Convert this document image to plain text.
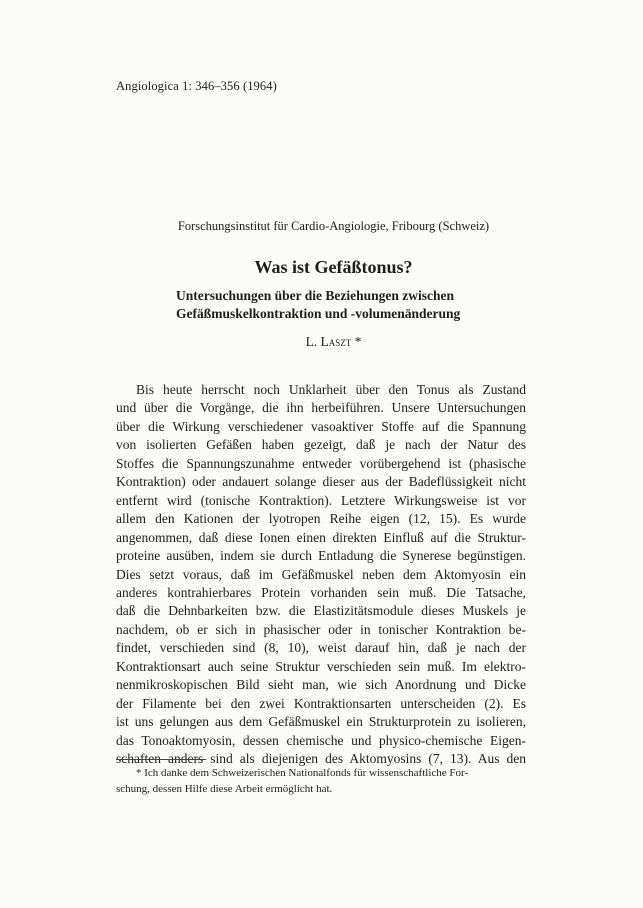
Angiologica 1: 346–356 (1964)
Forschungsinstitut für Cardio-Angiologie, Fribourg (Schweiz)
Was ist Gefäßtonus?
Untersuchungen über die Beziehungen zwischen
Gefäßmuskelkontraktion und -volumenänderung
L. Laszt *
Bis heute herrscht noch Unklarheit über den Tonus als Zustand
und über die Vorgänge, die ihn herbeiführen. Unsere Untersuchungen
über die Wirkung verschiedener vasoaktiver Stoffe auf die Spannung
von isolierten Gefäßen haben gezeigt, daß je nach der Natur des
Stoffes die Spannungszunahme entweder vorübergehend ist (phasische
Kontraktion) oder andauert solange dieser aus der Badeflüssigkeit nicht
entfernt wird (tonische Kontraktion). Letztere Wirkungsweise ist vor
allem den Kationen der lyotropen Reihe eigen (12, 15). Es wurde
angenommen, daß diese Ionen einen direkten Einfluß auf die Struktur-
proteine ausüben, indem sie durch Entladung die Synerese begünstigen.
Dies setzt voraus, daß im Gefäßmuskel neben dem Aktomyosin ein
anderes kontrahierbares Protein vorhanden sein muß. Die Tatsache,
daß die Dehnbarkeiten bzw. die Elastizitätsmodule dieses Muskels je
nachdem, ob er sich in phasischer oder in tonischer Kontraktion be-
findet, verschieden sind (8, 10), weist darauf hin, daß je nach der
Kontraktionsart auch seine Struktur verschieden sein muß. Im elektro-
nenmikroskopischen Bild sieht man, wie sich Anordnung und Dicke
der Filamente bei den zwei Kontraktionsarten unterscheiden (2). Es
ist uns gelungen aus dem Gefäßmuskel ein Strukturprotein zu isolieren,
das Tonoaktomyosin, dessen chemische und physico-chemische Eigen-
schaften anders sind als diejenigen des Aktomyosins (7, 13). Aus den
* Ich danke dem Schweizerischen Nationalfonds für wissenschaftliche For-
schung, dessen Hilfe diese Arbeit ermöglicht hat.
